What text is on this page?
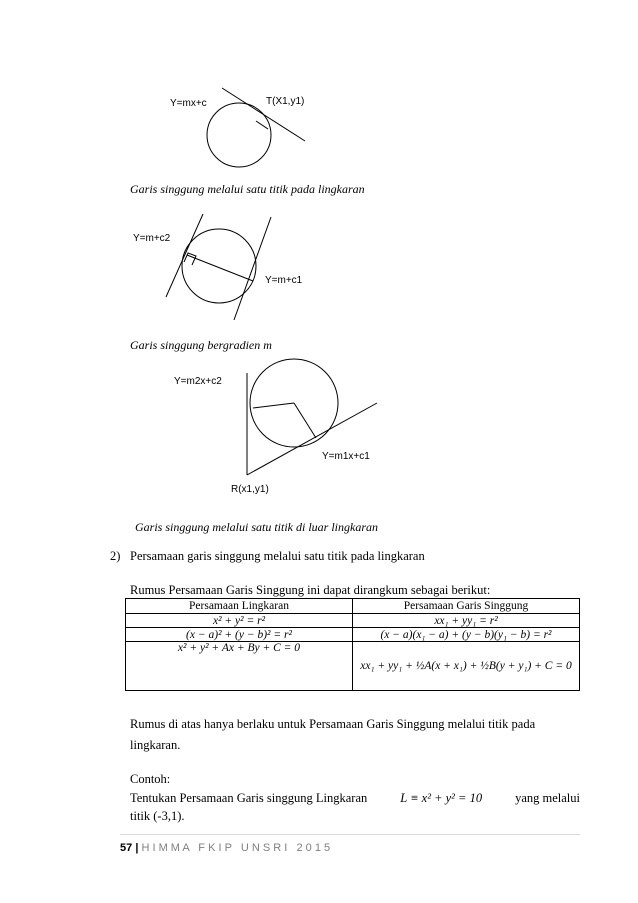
Y=mx+c	T(X1,y1)
Garis singgung melalui satu titik pada lingkaran
Y=m+c2
Y=m+c1
Garis singgung bergradien m
Y=m2x+c2
Y=m1x+c1
R(x1,y1)
Garis singgung melalui satu titik di luar lingkaran
2) Persamaan garis singgung melalui satu titik pada lingkaran
Rumus Persamaan Garis Singgung ini dapat dirangkum sebagai berikut:
Persamaan Lingkaran	Persamaan Garis Singgung
x² + y² = r²	xx₁ + yy₁ = r²
(x − a)² + (y − b)² = r²	(x − a)(x₁ − a) + (y − b)(y₁ − b) = r²
x² + y² + Ax + By + C = 0	xx₁ + yy₁ + ½A(x + x₁) + ½B(y + y₁) + C = 0
Rumus di atas hanya berlaku untuk Persamaan Garis Singgung melalui titik pada
lingkaran.
Contoh:
Tentukan Persamaan Garis singgung Lingkaran	L ≡ x² + y² = 10	yang melalui
titik (-3,1).
57 | H I M M A   F K I P   U N S R I   2 0 1 5
